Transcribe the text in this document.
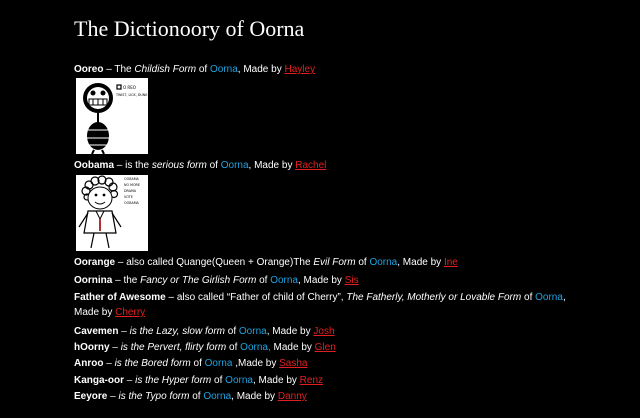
The Dictionoory of Oorna
Ooreo – The Childish Form of Oorna, Made by Hayley
O REO
TWIST, LICK, DUNK
Oobama – is the serious form of Oorna, Made by Rachel
OOBAMA
NO MORE
DRAMA
VOTE
OOBAMA
Oorange – also called Quange(Queen + Orange)The Evil Form of Oorna, Made by Ine
Oornina – the Fancy or The Girlish Form of Oorna, Made by Sis
Father of Awesome – also called “Father of child of Cherry”, The Fatherly, Motherly or Lovable Form of Oorna, Made by Cherry
Cavemen – is the Lazy, slow form of Oorna, Made by Josh
hOorny – is the Pervert, flirty form of Oorna, Made by Glen
Anroo – is the Bored form of Oorna ,Made by Sasha
Kanga-oor – is the Hyper form of Oorna, Made by Renz
Eeyore – is the Typo form of Oorna, Made by Danny
